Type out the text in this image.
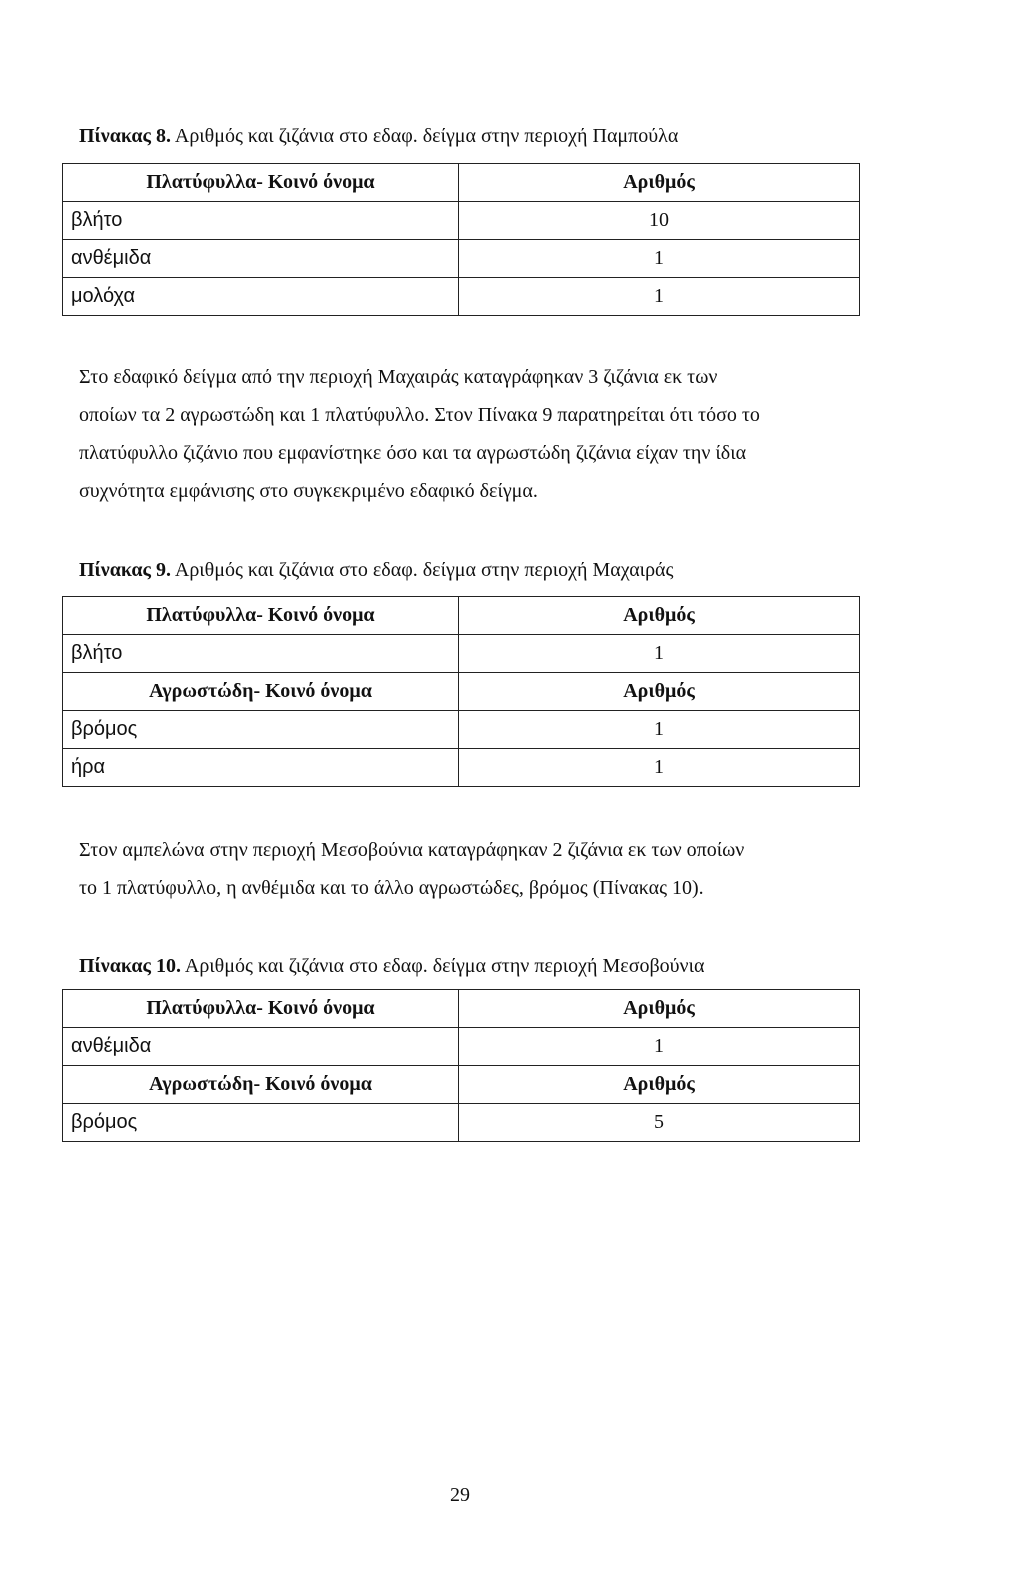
Πίνακας 8. Αριθμός και ζιζάνια στο εδαφ. δείγμα στην περιοχή Παμπούλα
Πλατύφυλλα- Κοινό όνομα	Αριθμός
βλήτο	10
ανθέμιδα	1
μολόχα	1
Στο εδαφικό δείγμα από την περιοχή Μαχαιράς καταγράφηκαν 3 ζιζάνια εκ των
οποίων τα 2 αγρωστώδη και 1 πλατύφυλλο. Στον Πίνακα 9 παρατηρείται ότι τόσο το
πλατύφυλλο ζιζάνιο που εμφανίστηκε όσο και τα αγρωστώδη ζιζάνια είχαν την ίδια
συχνότητα εμφάνισης στο συγκεκριμένο εδαφικό δείγμα.
Πίνακας 9. Αριθμός και ζιζάνια στο εδαφ. δείγμα στην περιοχή Μαχαιράς
Πλατύφυλλα- Κοινό όνομα	Αριθμός
βλήτο	1
Αγρωστώδη- Κοινό όνομα	Αριθμός
βρόμος	1
ήρα	1
Στον αμπελώνα στην περιοχή Μεσοβούνια καταγράφηκαν 2 ζιζάνια εκ των οποίων
το 1 πλατύφυλλο, η ανθέμιδα και το άλλο αγρωστώδες, βρόμος (Πίνακας 10).
Πίνακας 10. Αριθμός και ζιζάνια στο εδαφ. δείγμα στην περιοχή Μεσοβούνια
Πλατύφυλλα- Κοινό όνομα	Αριθμός
ανθέμιδα	1
Αγρωστώδη- Κοινό όνομα	Αριθμός
βρόμος	5
29
